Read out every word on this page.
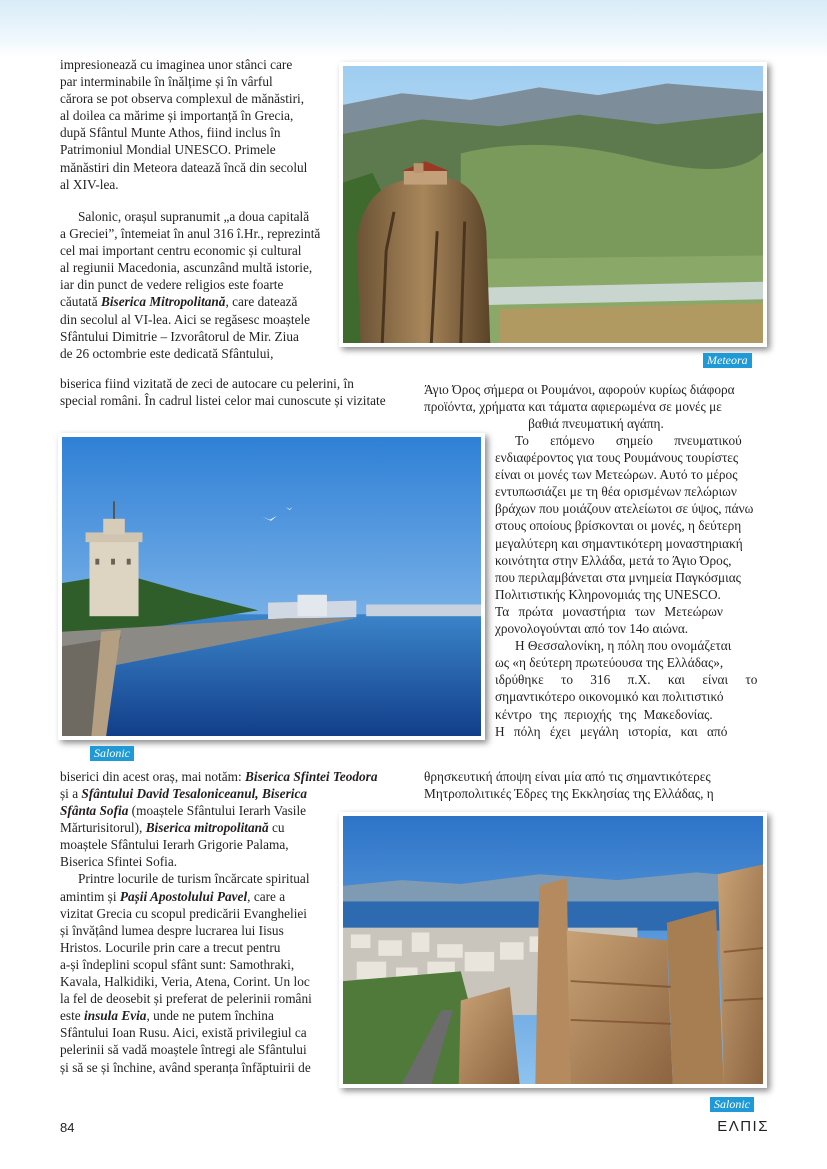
impresionează cu imaginea unor stânci care

par interminabile în înălțime și în vârful

cărora se pot observa complexul de mănăstiri,

al doilea ca mărime și importanță în Grecia,

după Sfântul Munte Athos, fiind inclus în

Patrimoniul Mondial UNESCO. Primele

mănăstiri din Meteora datează încă din secolul

al XIV-lea.

Salonic, orașul supranumit „a doua capitală

a Greciei”, întemeiat în anul 316 î.Hr., reprezintă

cel mai important centru economic și cultural

al regiunii Macedonia, ascunzând multă istorie,

iar din punct de vedere religios este foarte

căutată Biserica Mitropolitană, care datează

din secolul al VI-lea. Aici se regăsesc moaștele

Sfântului Dimitrie – Izvorâtorul de Mir. Ziua

de 26 octombrie este dedicată Sfântului,

biserica fiind vizitată de zeci de autocare cu pelerini, în

special români. În cadrul listei celor mai cunoscute și vizitate

Meteora

Άγιο Όρος σήμερα οι Ρουμάνοι, αφορούν κυρίως διάφορα

προϊόντα, χρήματα και τάματα αφιερωμένα σε μονές με

βαθιά πνευματική αγάπη.

Salonic

Το επόμενο σημείο πνευματικού

ενδιαφέροντος για τους Ρουμάνους τουρίστες

είναι οι μονές των Μετεώρων. Αυτό το μέρος

εντυπωσιάζει με τη θέα ορισμένων πελώριων

βράχων που μοιάζουν ατελείωτοι σε ύψος, πάνω

στους οποίους βρίσκονται οι μονές, η δεύτερη

μεγαλύτερη και σημαντικότερη μοναστηριακή

κοινότητα στην Ελλάδα, μετά το Άγιο Όρος,

που περιλαμβάνεται στα μνημεία Παγκόσμιας

Πολιτιστικής Κληρονομιάς της UNESCO.

Τα πρώτα μοναστήρια των Μετεώρων

χρονολογούνται από τον 14ο αιώνα.

Η Θεσσαλονίκη, η πόλη που ονομάζεται

ως «η δεύτερη πρωτεύουσα της Ελλάδας»,

ιδρύθηκε το 316 π.Χ. και είναι το

σημαντικότερο οικονομικό και πολιτιστικό

κέντρο της περιοχής της Μακεδονίας.

Η πόλη έχει μεγάλη ιστορία, και από

biserici din acest oraș, mai notăm: Biserica Sfintei Teodora

și a Sfântului David Tesaloniceanul, Biserica

Sfânta Sofia (moaștele Sfântului Ierarh Vasile

Mărturisitorul), Biserica mitropolitană cu

moaștele Sfântului Ierarh Grigorie Palama,

Biserica Sfintei Sofia.

Printre locurile de turism încărcate spiritual

amintim și Pașii Apostolului Pavel, care a

vizitat Grecia cu scopul predicării Evangheliei

și învățând lumea despre lucrarea lui Iisus

Hristos. Locurile prin care a trecut pentru

a-și îndeplini scopul sfânt sunt: Samothraki,

Kavala, Halkidiki, Veria, Atena, Corint. Un loc

la fel de deosebit și preferat de pelerinii români

este insula Evia, unde ne putem închina

Sfântului Ioan Rusu. Aici, există privilegiul ca

pelerinii să vadă moaștele întregi ale Sfântului

și să se și închine, având speranța înfăptuirii de

θρησκευτική άποψη είναι μία από τις σημαντικότερες

Μητροπολιτικές Έδρες της Εκκλησίας της Ελλάδας, η

Salonic
84	ΕΛΠΙΣ
